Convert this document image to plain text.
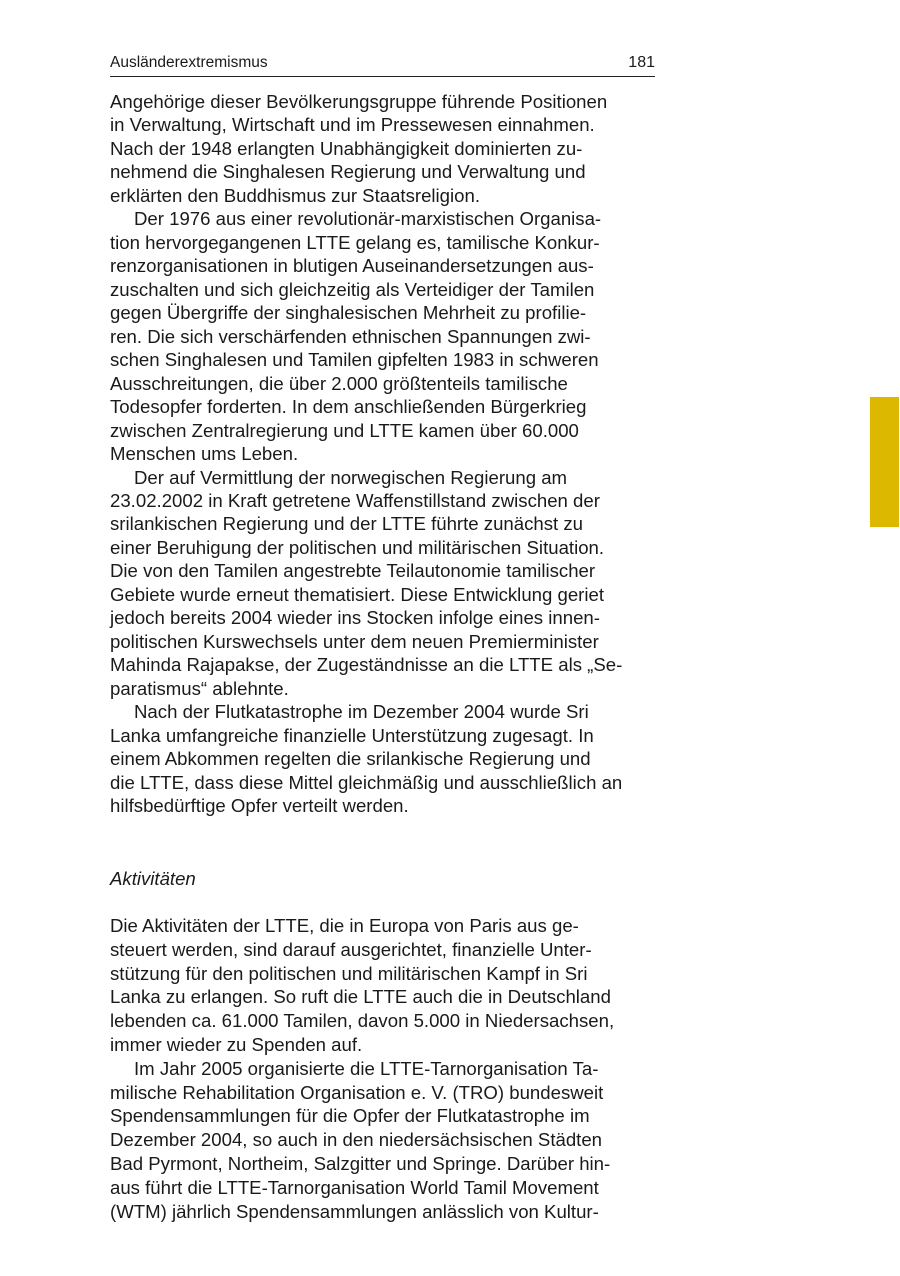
Ausländerextremismus	181
Angehörige dieser Bevölkerungsgruppe führende Positionen
in Verwaltung, Wirtschaft und im Pressewesen einnahmen.
Nach der 1948 erlangten Unabhängigkeit dominierten zu-
nehmend die Singhalesen Regierung und Verwaltung und
erklärten den Buddhismus zur Staatsreligion.
Der 1976 aus einer revolutionär-marxistischen Organisa-
tion hervorgegangenen LTTE gelang es, tamilische Konkur-
renzorganisationen in blutigen Auseinandersetzungen aus-
zuschalten und sich gleichzeitig als Verteidiger der Tamilen
gegen Übergriffe der singhalesischen Mehrheit zu profilie-
ren. Die sich verschärfenden ethnischen Spannungen zwi-
schen Singhalesen und Tamilen gipfelten 1983 in schweren
Ausschreitungen, die über 2.000 größtenteils tamilische
Todesopfer forderten. In dem anschließenden Bürgerkrieg
zwischen Zentralregierung und LTTE kamen über 60.000
Menschen ums Leben.
Der auf Vermittlung der norwegischen Regierung am
23.02.2002 in Kraft getretene Waffenstillstand zwischen der
srilankischen Regierung und der LTTE führte zunächst zu
einer Beruhigung der politischen und militärischen Situation.
Die von den Tamilen angestrebte Teilautonomie tamilischer
Gebiete wurde erneut thematisiert. Diese Entwicklung geriet
jedoch bereits 2004 wieder ins Stocken infolge eines innen-
politischen Kurswechsels unter dem neuen Premierminister
Mahinda Rajapakse, der Zugeständnisse an die LTTE als „Se-
paratismus“ ablehnte.
Nach der Flutkatastrophe im Dezember 2004 wurde Sri
Lanka umfangreiche finanzielle Unterstützung zugesagt. In
einem Abkommen regelten die srilankische Regierung und
die LTTE, dass diese Mittel gleichmäßig und ausschließlich an
hilfsbedürftige Opfer verteilt werden.
Aktivitäten
Die Aktivitäten der LTTE, die in Europa von Paris aus ge-
steuert werden, sind darauf ausgerichtet, finanzielle Unter-
stützung für den politischen und militärischen Kampf in Sri
Lanka zu erlangen. So ruft die LTTE auch die in Deutschland
lebenden ca. 61.000 Tamilen, davon 5.000 in Niedersachsen,
immer wieder zu Spenden auf.
Im Jahr 2005 organisierte die LTTE-Tarnorganisation Ta-
milische Rehabilitation Organisation e. V. (TRO) bundesweit
Spendensammlungen für die Opfer der Flutkatastrophe im
Dezember 2004, so auch in den niedersächsischen Städten
Bad Pyrmont, Northeim, Salzgitter und Springe. Darüber hin-
aus führt die LTTE-Tarnorganisation World Tamil Movement
(WTM) jährlich Spendensammlungen anlässlich von Kultur-
